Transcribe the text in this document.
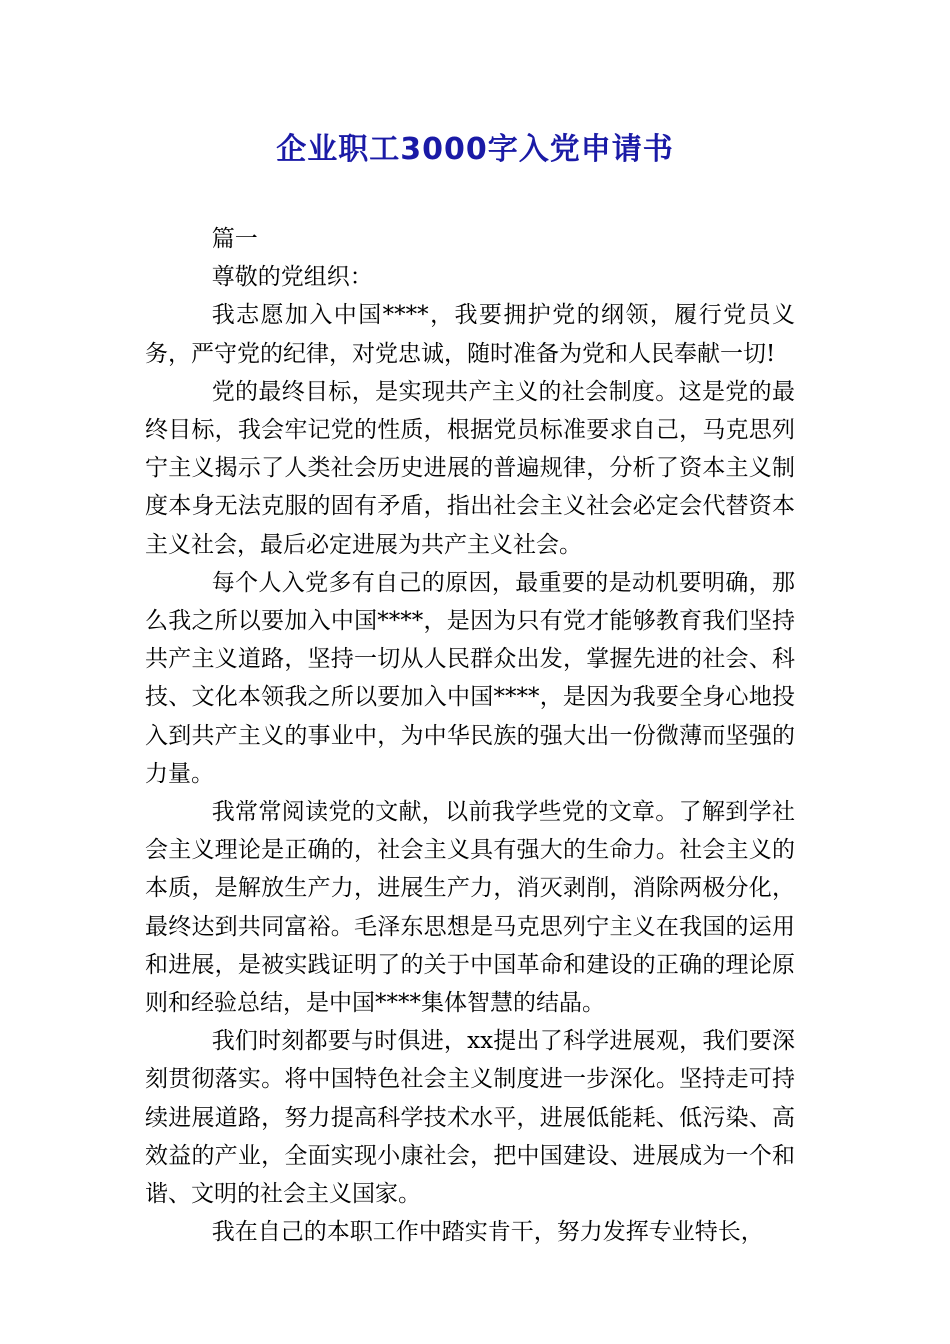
企业职工3000字入党申请书

篇一

尊敬的党组织：

我志愿加入中国****，我要拥护党的纲领，履行党员义务，严守党的纪律，对党忠诚，随时准备为党和人民奉献一切!

党的最终目标，是实现共产主义的社会制度。这是党的最终目标，我会牢记党的性质，根据党员标准要求自己，马克思列宁主义揭示了人类社会历史进展的普遍规律，分析了资本主义制度本身无法克服的固有矛盾，指出社会主义社会必定会代替资本主义社会，最后必定进展为共产主义社会。

每个人入党多有自己的原因，最重要的是动机要明确，那么我之所以要加入中国****，是因为只有党才能够教育我们坚持共产主义道路，坚持一切从人民群众出发，掌握先进的社会、科技、文化本领我之所以要加入中国****，是因为我要全身心地投入到共产主义的事业中，为中华民族的强大出一份微薄而坚强的力量。

我常常阅读党的文献，以前我学些党的文章。了解到学社会主义理论是正确的，社会主义具有强大的生命力。社会主义的本质，是解放生产力，进展生产力，消灭剥削，消除两极分化，最终达到共同富裕。毛泽东思想是马克思列宁主义在我国的运用和进展，是被实践证明了的关于中国革命和建设的正确的理论原则和经验总结，是中国****集体智慧的结晶。

我们时刻都要与时俱进，xx提出了科学进展观，我们要深刻贯彻落实。将中国特色社会主义制度进一步深化。坚持走可持续进展道路，努力提高科学技术水平，进展低能耗、低污染、高效益的产业，全面实现小康社会，把中国建设、进展成为一个和谐、文明的社会主义国家。

我在自己的本职工作中踏实肯干，努力发挥专业特长，
